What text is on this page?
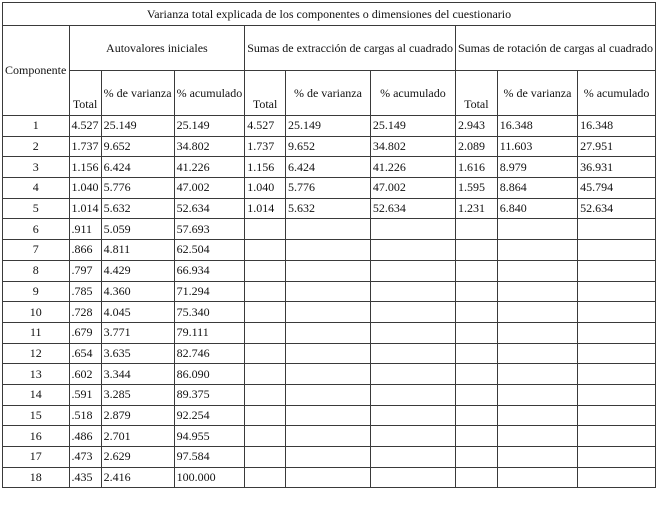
Varianza total explicada de los componentes o dimensiones del cuestionario									
Componente	Autovalores iniciales			Sumas de extracción de cargas al cuadrado			Sumas de rotación de cargas al cuadrado		
	Total	% de varianza	% acumulado	Total	% de varianza	% acumulado	Total	% de varianza	% acumulado
1	4.527	25.149	25.149	4.527	25.149	25.149	2.943	16.348	16.348
2	1.737	9.652	34.802	1.737	9.652	34.802	2.089	11.603	27.951
3	1.156	6.424	41.226	1.156	6.424	41.226	1.616	8.979	36.931
4	1.040	5.776	47.002	1.040	5.776	47.002	1.595	8.864	45.794
5	1.014	5.632	52.634	1.014	5.632	52.634	1.231	6.840	52.634
6	.911	5.059	57.693						
7	.866	4.811	62.504						
8	.797	4.429	66.934						
9	.785	4.360	71.294						
10	.728	4.045	75.340						
11	.679	3.771	79.111						
12	.654	3.635	82.746						
13	.602	3.344	86.090						
14	.591	3.285	89.375						
15	.518	2.879	92.254						
16	.486	2.701	94.955						
17	.473	2.629	97.584						
18	.435	2.416	100.000						
